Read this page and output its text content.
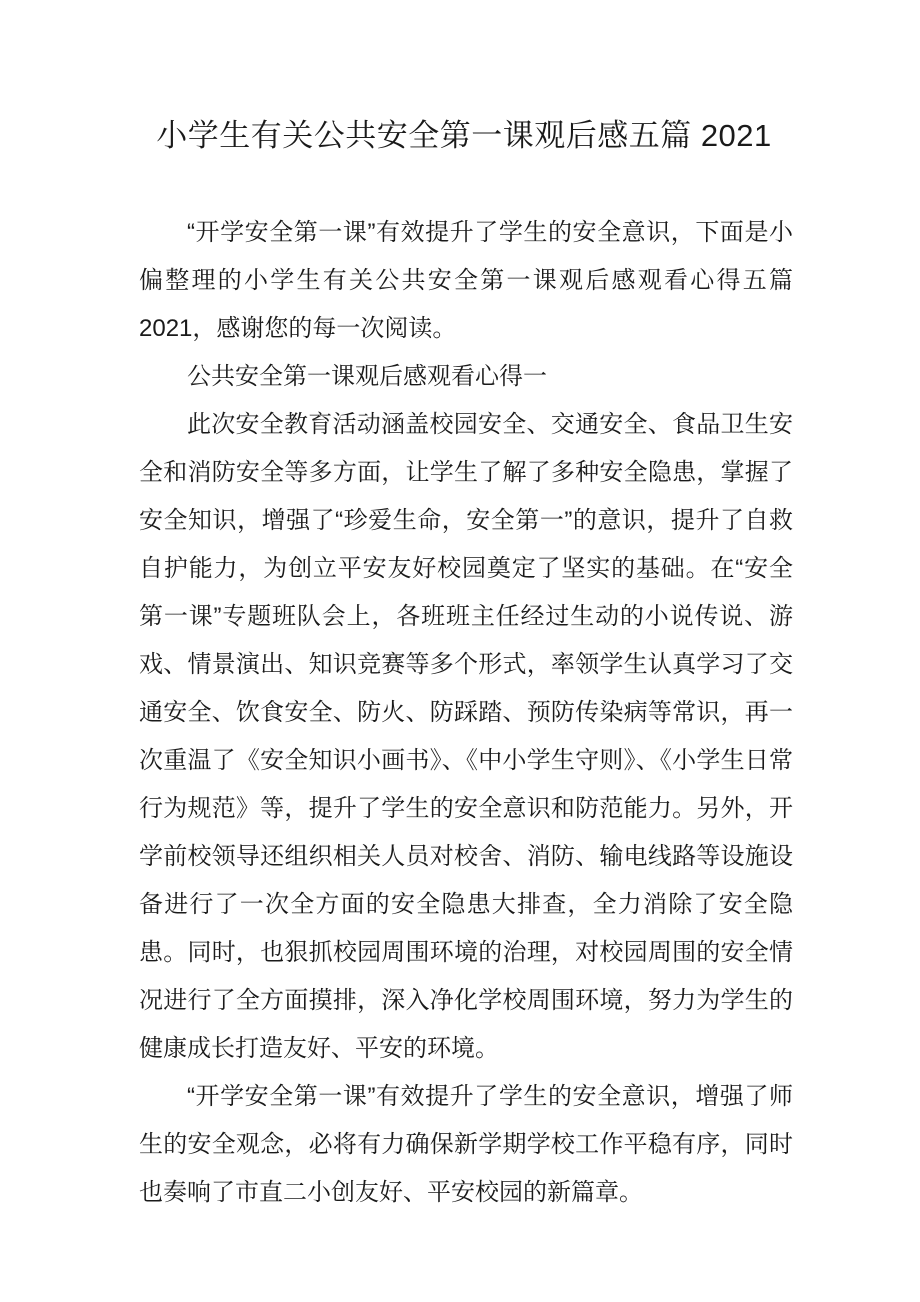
小学生有关公共安全第一课观后感五篇 2021

“开学安全第一课”有效提升了学生的安全意识，下面是小偏整理的小学生有关公共安全第一课观后感观看心得五篇 2021，感谢您的每一次阅读。

公共安全第一课观后感观看心得一

此次安全教育活动涵盖校园安全、交通安全、食品卫生安全和消防安全等多方面，让学生了解了多种安全隐患，掌握了安全知识，增强了“珍爱生命，安全第一”的意识，提升了自救自护能力，为创立平安友好校园奠定了坚实的基础。在“安全第一课”专题班队会上，各班班主任经过生动的小说传说、游戏、情景演出、知识竞赛等多个形式，率领学生认真学习了交通安全、饮食安全、防火、防踩踏、预防传染病等常识，再一次重温了《安全知识小画书》、《中小学生守则》、《小学生日常行为规范》等，提升了学生的安全意识和防范能力。另外，开学前校领导还组织相关人员对校舍、消防、输电线路等设施设备进行了一次全方面的安全隐患大排查，全力消除了安全隐患。同时，也狠抓校园周围环境的治理，对校园周围的安全情况进行了全方面摸排，深入净化学校周围环境，努力为学生的健康成长打造友好、平安的环境。

“开学安全第一课”有效提升了学生的安全意识，增强了师生的安全观念，必将有力确保新学期学校工作平稳有序，同时也奏响了市直二小创友好、平安校园的新篇章。
